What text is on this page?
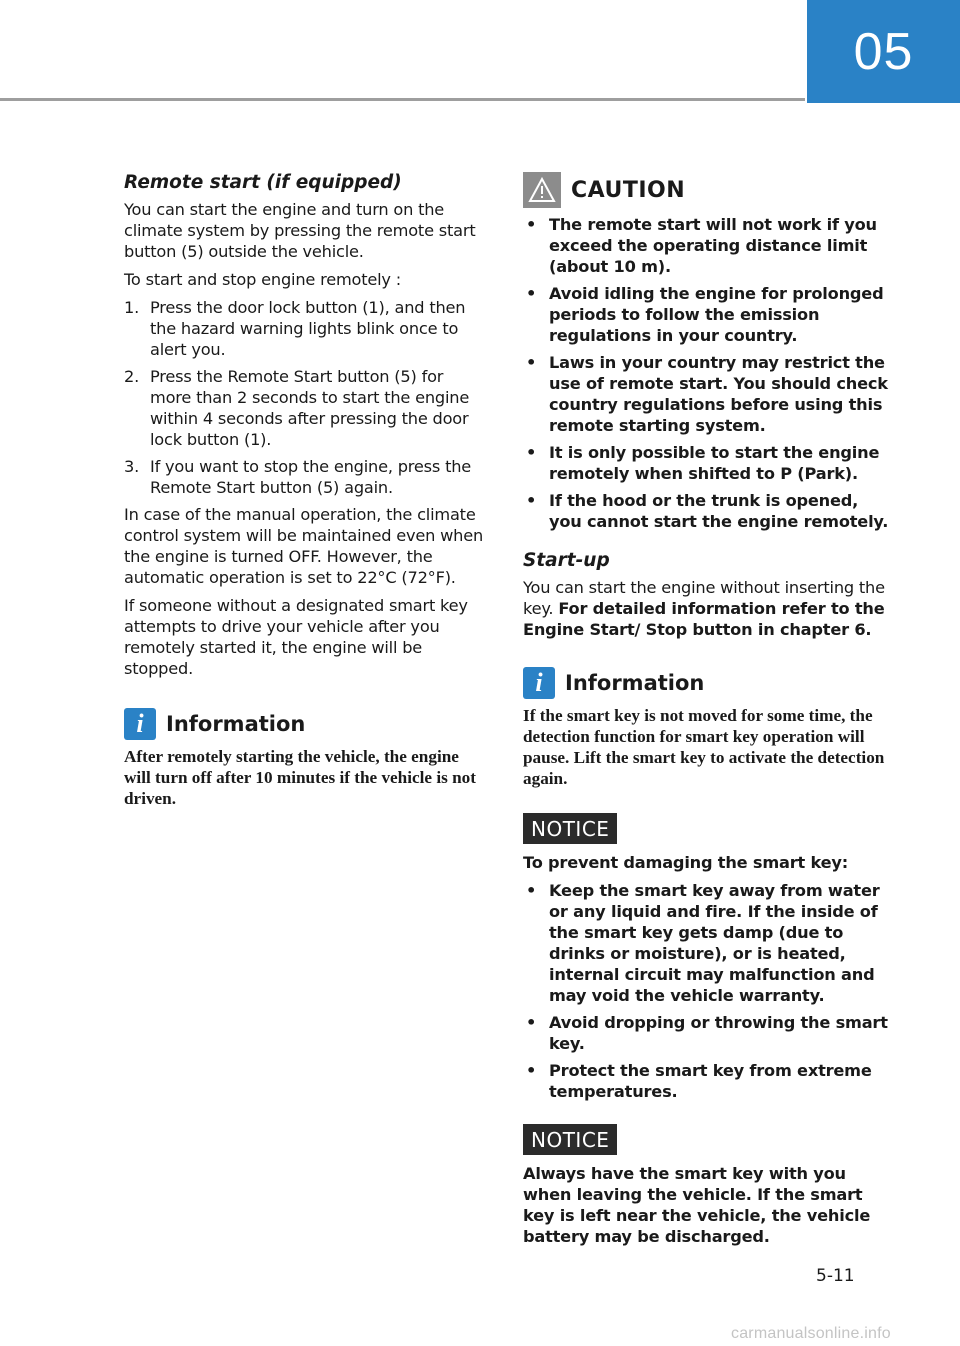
05
Remote start (if equipped)

You can start the engine and turn on the climate system by pressing the remote start button (5) outside the vehicle.

To start and stop engine remotely :

1. Press the door lock button (1), and then the hazard warning lights blink once to alert you.
2. Press the Remote Start button (5) for more than 2 seconds to start the engine within 4 seconds after pressing the door lock button (1).
3. If you want to stop the engine, press the Remote Start button (5) again.

In case of the manual operation, the climate control system will be maintained even when the engine is turned OFF. However, the automatic operation is set to 22°C (72°F).

If someone without a designated smart key attempts to drive your vehicle after you remotely started it, the engine will be stopped.

i	Information

After remotely starting the vehicle, the engine will turn off after 10 minutes if the vehicle is not driven.

CAUTION
• The remote start will not work if you exceed the operating distance limit (about 10 m).
• Avoid idling the engine for prolonged periods to follow the emission regulations in your country.
• Laws in your country may restrict the use of remote start. You should check country regulations before using this remote starting system.
• It is only possible to start the engine remotely when shifted to P (Park).
• If the hood or the trunk is opened, you cannot start the engine remotely.
Start-up

You can start the engine without inserting the key. For detailed information refer to the Engine Start/ Stop button in chapter 6.

i	Information

If the smart key is not moved for some time, the detection function for smart key operation will pause. Lift the smart key to activate the detection again.

NOTICE

To prevent damaging the smart key:

• Keep the smart key away from water or any liquid and fire. If the inside of the smart key gets damp (due to drinks or moisture), or is heated, internal circuit may malfunction and may void the vehicle warranty.
• Avoid dropping or throwing the smart key.
• Protect the smart key from extreme temperatures.
NOTICE

Always have the smart key with you when leaving the vehicle. If the smart key is left near the vehicle, the vehicle battery may be discharged.

5-11
carmanualsonline.info
